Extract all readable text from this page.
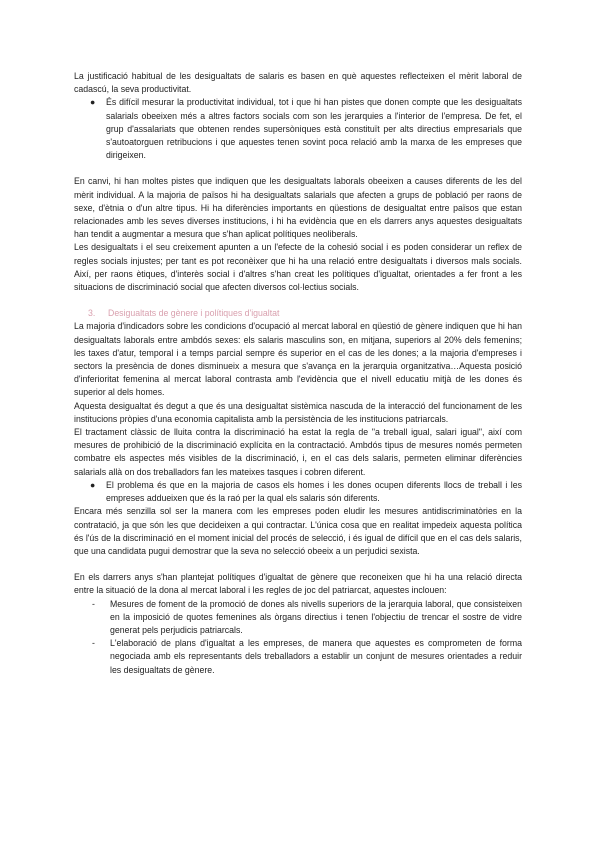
La justificació habitual de les desigualtats de salaris es basen en què aquestes reflecteixen el mèrit laboral de cadascú, la seva productivitat.

● És difícil mesurar la productivitat individual, tot i que hi han pistes que donen compte que les desigualtats salarials obeeixen més a altres factors socials com son les jerarquies a l'interior de l'empresa. De fet, el grup d'assalariats que obtenen rendes supersòniques està constituït per alts directius empresarials que s'autoatorguen retribucions i que aquestes tenen sovint poca relació amb la marxa de les empreses que dirigeixen.

En canvi, hi han moltes pistes que indiquen que les desigualtats laborals obeeixen a causes diferents de les del mèrit individual. A la majoria de països hi ha desigualtats salarials que afecten a grups de població per raons de sexe, d'ètnia o d'un altre tipus. Hi ha diferències importants en qüestions de desigualtat entre països que estan relacionades amb les seves diverses institucions, i hi ha evidència que en els darrers anys aquestes desigualtats han tendit a augmentar a mesura que s'han aplicat polítiques neoliberals.

Les desigualtats i el seu creixement apunten a un l'efecte de la cohesió social i es poden considerar un reflex de regles socials injustes; per tant es pot reconèixer que hi ha una relació entre desigualtats i diversos mals socials. Així, per raons ètiques, d'interès social i d'altres s'han creat les polítiques d'igualtat, orientades a fer front a les situacions de discriminació social que afecten diversos col·lectius socials.

3. Desigualtats de gènere i polítiques d'igualtat

La majoria d'indicadors sobre les condicions d'ocupació al mercat laboral en qüestió de gènere indiquen que hi han desigualtats laborals entre ambdós sexes: els salaris masculins son, en mitjana, superiors al 20% dels femenins; les taxes d'atur, temporal i a temps parcial sempre és superior en el cas de les dones; a la majoria d'empreses i sectors la presència de dones disminueix a mesura que s'avança en la jerarquia organitzativa…Aquesta posició d'inferioritat femenina al mercat laboral contrasta amb l'evidència que el nivell educatiu mitjà de les dones és superior al dels homes.

Aquesta desigualtat és degut a que és una desigualtat sistèmica nascuda de la interacció del funcionament de les institucions pròpies d'una economia capitalista amb la persistència de les institucions patriarcals.

El tractament clàssic de lluita contra la discriminació ha estat la regla de "a treball igual, salari igual", així com mesures de prohibició de la discriminació explícita en la contractació. Ambdós tipus de mesures només permeten combatre els aspectes més visibles de la discriminació, i, en el cas dels salaris, permeten eliminar diferències salarials allà on dos treballadors fan les mateixes tasques i cobren diferent.

● El problema és que en la majoria de casos els homes i les dones ocupen diferents llocs de treball i les empreses addueixen que és la raó per la qual els salaris són diferents.

Encara més senzilla sol ser la manera com les empreses poden eludir les mesures antidiscriminatòries en la contratació, ja que són les que decideixen a qui contractar. L'única cosa que en realitat impedeix aquesta política és l'ús de la discriminació en el moment inicial del procés de selecció, i és igual de difícil que en el cas dels salaris, que una candidata pugui demostrar que la seva no selecció obeeix a un perjudici sexista.

En els darrers anys s'han plantejat polítiques d'igualtat de gènere que reconeixen que hi ha una relació directa entre la situació de la dona al mercat laboral i les regles de joc del patriarcat, aquestes inclouen:

- Mesures de foment de la promoció de dones als nivells superiors de la jerarquia laboral, que consisteixen en la imposició de quotes femenines als òrgans directius i tenen l'objectiu de trencar el sostre de vidre generat pels perjudicis patriarcals.
- L'elaboració de plans d'igualtat a les empreses, de manera que aquestes es comprometen de forma negociada amb els representants dels treballadors a establir un conjunt de mesures orientades a reduir les desigualtats de gènere.
